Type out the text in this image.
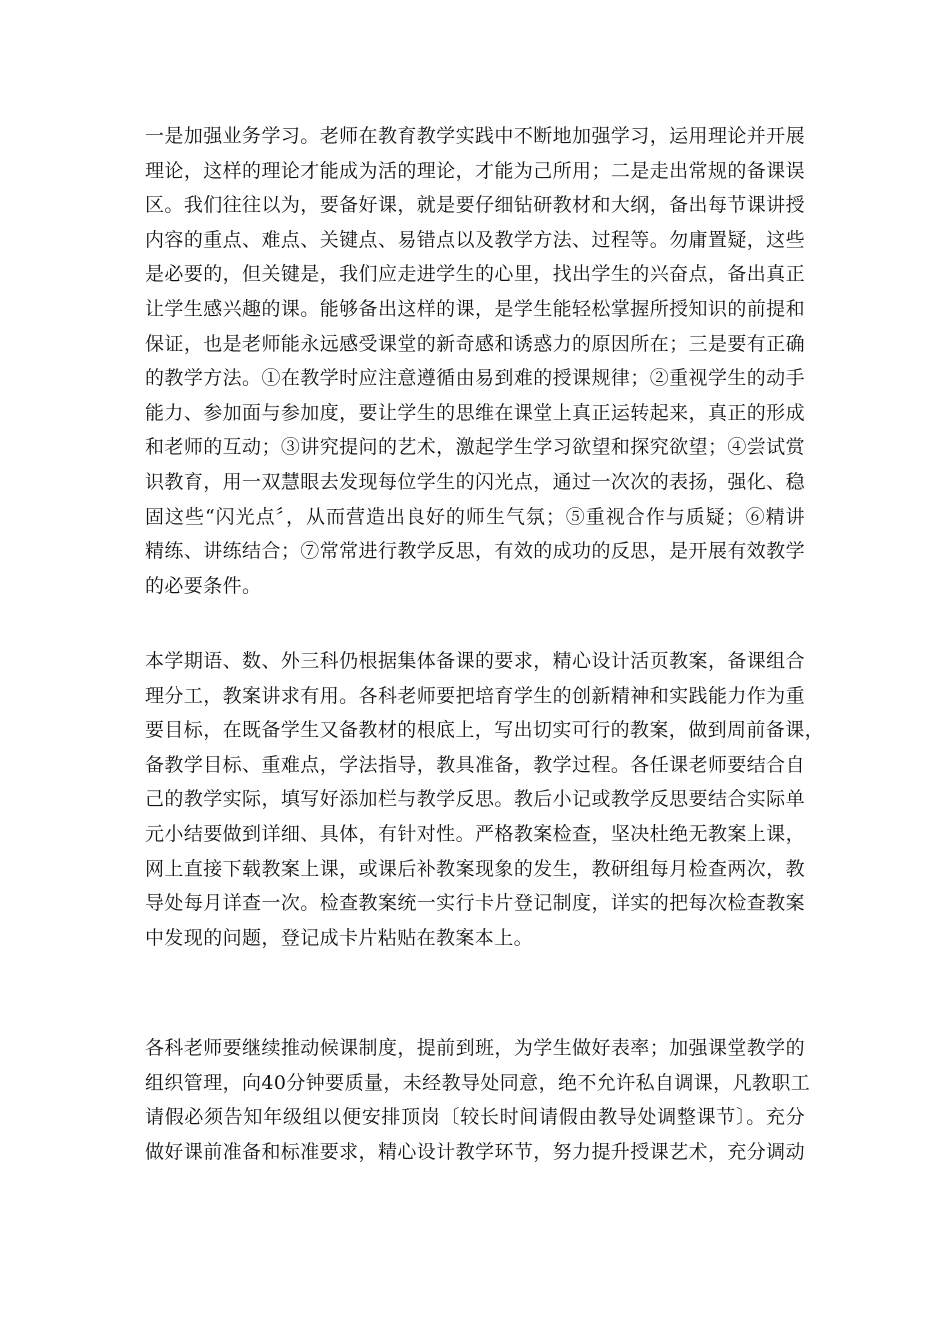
一是加强业务学习。老师在教育教学实践中不断地加强学习，运用理论并开展
理论，这样的理论才能成为活的理论，才能为己所用；二是走出常规的备课误
区。我们往往以为，要备好课，就是要仔细钻研教材和大纲，备出每节课讲授
内容的重点、难点、关键点、易错点以及教学方法、过程等。勿庸置疑，这些
是必要的，但关键是，我们应走进学生的心里，找出学生的兴奋点，备出真正
让学生感兴趣的课。能够备出这样的课，是学生能轻松掌握所授知识的前提和
保证，也是老师能永远感受课堂的新奇感和诱惑力的原因所在；三是要有正确
的教学方法。①在教学时应注意遵循由易到难的授课规律；②重视学生的动手
能力、参加面与参加度，要让学生的思维在课堂上真正运转起来，真正的形成
和老师的互动；③讲究提问的艺术，激起学生学习欲望和探究欲望；④尝试赏
识教育，用一双慧眼去发现每位学生的闪光点，通过一次次的表扬，强化、稳
固这些“闪光点〞，从而营造出良好的师生气氛；⑤重视合作与质疑；⑥精讲
精练、讲练结合；⑦常常进行教学反思，有效的成功的反思，是开展有效教学
的必要条件。
本学期语、数、外三科仍根据集体备课的要求，精心设计活页教案，备课组合
理分工，教案讲求有用。各科老师要把培育学生的创新精神和实践能力作为重
要目标，在既备学生又备教材的根底上，写出切实可行的教案，做到周前备课，
备教学目标、重难点，学法指导，教具准备，教学过程。各任课老师要结合自
己的教学实际，填写好添加栏与教学反思。教后小记或教学反思要结合实际单
元小结要做到详细、具体，有针对性。严格教案检查，坚决杜绝无教案上课，
网上直接下载教案上课，或课后补教案现象的发生，教研组每月检查两次，教
导处每月详查一次。检查教案统一实行卡片登记制度，详实的把每次检查教案
中发现的问题，登记成卡片粘贴在教案本上。
各科老师要继续推动候课制度，提前到班，为学生做好表率；加强课堂教学的
组织管理，向40分钟要质量，未经教导处同意，绝不允许私自调课，凡教职工
请假必须告知年级组以便安排顶岗〔较长时间请假由教导处调整课节〕。充分
做好课前准备和标准要求，精心设计教学环节，努力提升授课艺术，充分调动
